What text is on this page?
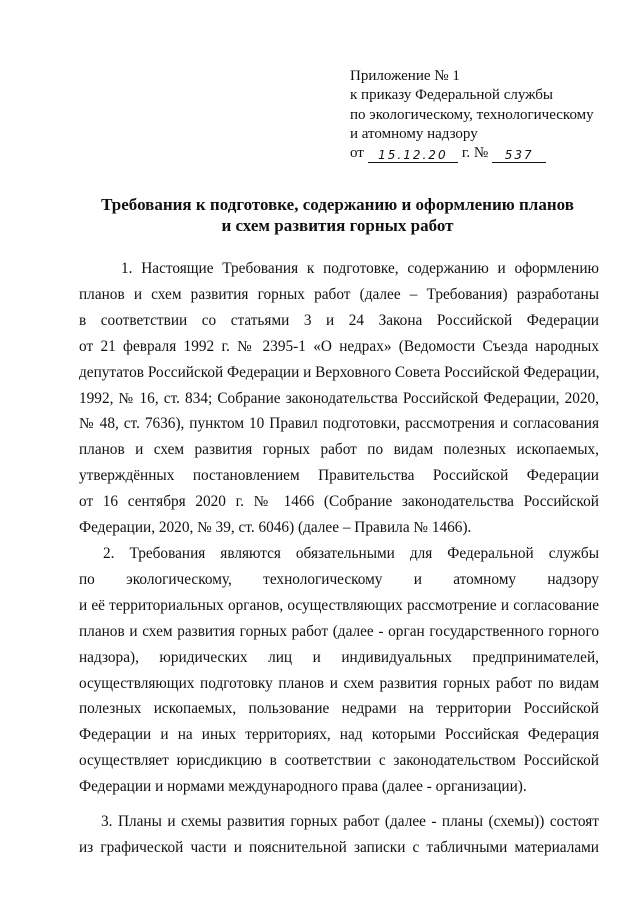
Приложение № 1
к приказу Федеральной службы
по экологическому, технологическому
и атомному надзору
от	15.12.20 г. №	537
Требования к подготовке, содержанию и оформлению планов
и схем развития горных работ
1. Настоящие Требования к подготовке, содержанию и оформлению
планов и схем развития горных работ (далее – Требования) разработаны
в соответствии со статьями 3 и 24 Закона Российской Федерации
от 21 февраля 1992 г. № 2395-1 «О недрах» (Ведомости Съезда народных
депутатов Российской Федерации и Верховного Совета Российской Федерации,
1992, № 16, ст. 834; Собрание законодательства Российской Федерации, 2020,
№ 48, ст. 7636), пунктом 10 Правил подготовки, рассмотрения и согласования
планов и схем развития горных работ по видам полезных ископаемых,
утверждённых постановлением Правительства Российской Федерации
от 16 сентября 2020 г. № 1466 (Собрание законодательства Российской
Федерации, 2020, № 39, ст. 6046) (далее – Правила № 1466).
2. Требования являются обязательными для Федеральной службы
по экологическому, технологическому и атомному надзору
и её территориальных органов, осуществляющих рассмотрение и согласование
планов и схем развития горных работ (далее - орган государственного горного
надзора), юридических лиц и индивидуальных предпринимателей,
осуществляющих подготовку планов и схем развития горных работ по видам
полезных ископаемых, пользование недрами на территории Российской
Федерации и на иных территориях, над которыми Российская Федерация
осуществляет юрисдикцию в соответствии с законодательством Российской
Федерации и нормами международного права (далее - организации).
3. Планы и схемы развития горных работ (далее - планы (схемы)) состоят
из графической части и пояснительной записки с табличными материалами
